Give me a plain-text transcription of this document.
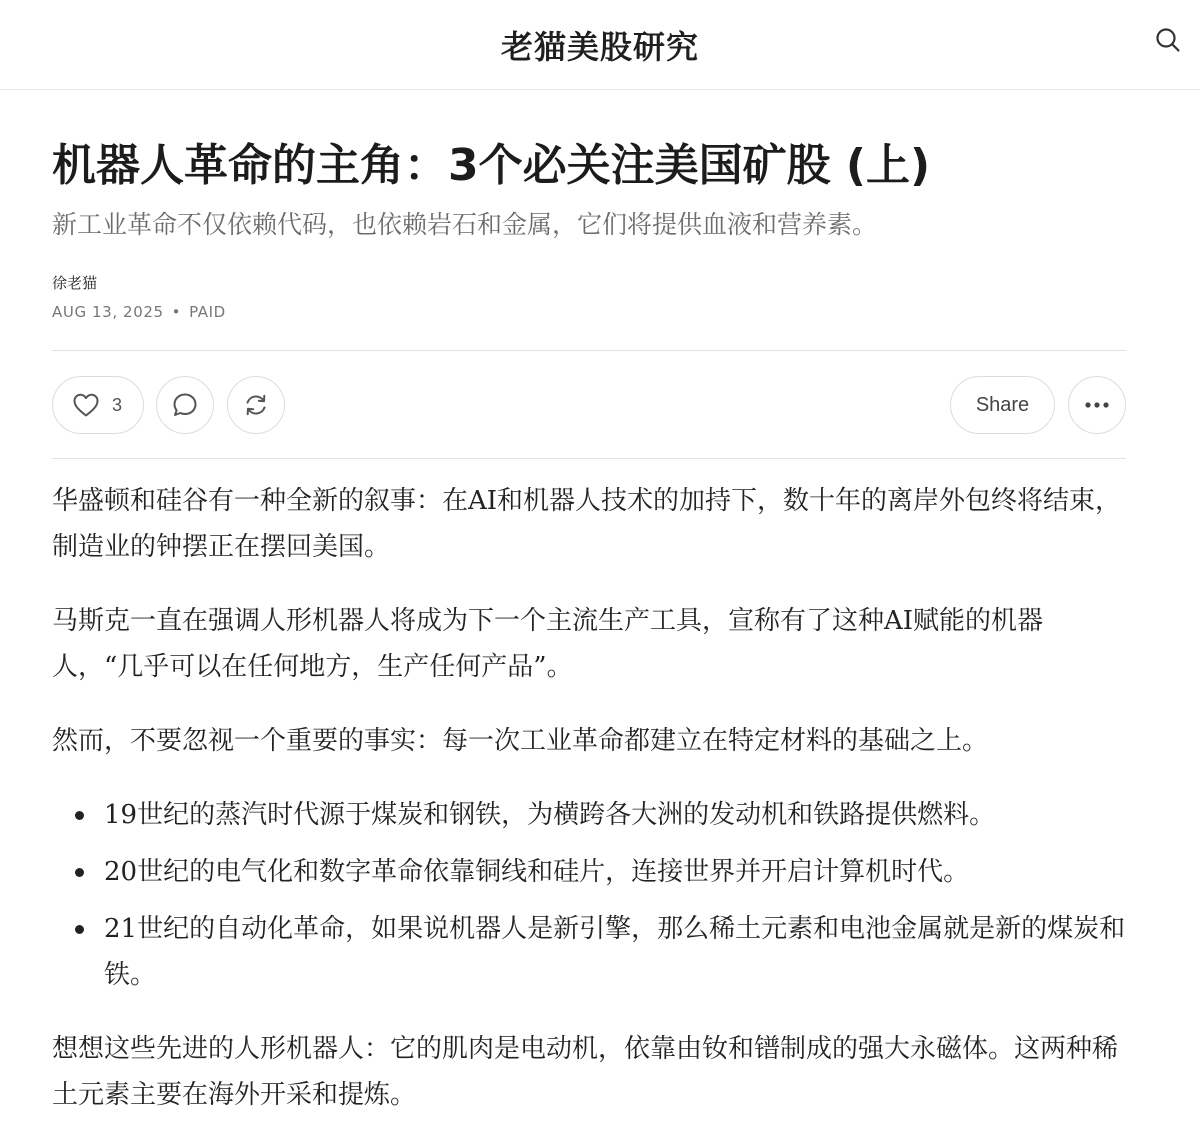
老猫美股研究
机器人革命的主角：3个必关注美国矿股 (上)
新工业革命不仅依赖代码，也依赖岩石和金属，它们将提供血液和营养素。
徐老猫
AUG 13, 2025 • PAID
3	Share

华盛顿和硅谷有一种全新的叙事：在AI和机器人技术的加持下，数十年的离岸外包终将结束，制造业的钟摆正在摆回美国。

马斯克一直在强调人形机器人将成为下一个主流生产工具，宣称有了这种AI赋能的机器人，“几乎可以在任何地方，生产任何产品”。

然而，不要忽视一个重要的事实：每一次工业革命都建立在特定材料的基础之上。

19世纪的蒸汽时代源于煤炭和钢铁，为横跨各大洲的发动机和铁路提供燃料。
20世纪的电气化和数字革命依靠铜线和硅片，连接世界并开启计算机时代。
21世纪的自动化革命，如果说机器人是新引擎，那么稀土元素和电池金属就是新的煤炭和铁。

想想这些先进的人形机器人：它的肌肉是电动机，依靠由钕和镨制成的强大永磁体。这两种稀土元素主要在海外开采和提炼。
